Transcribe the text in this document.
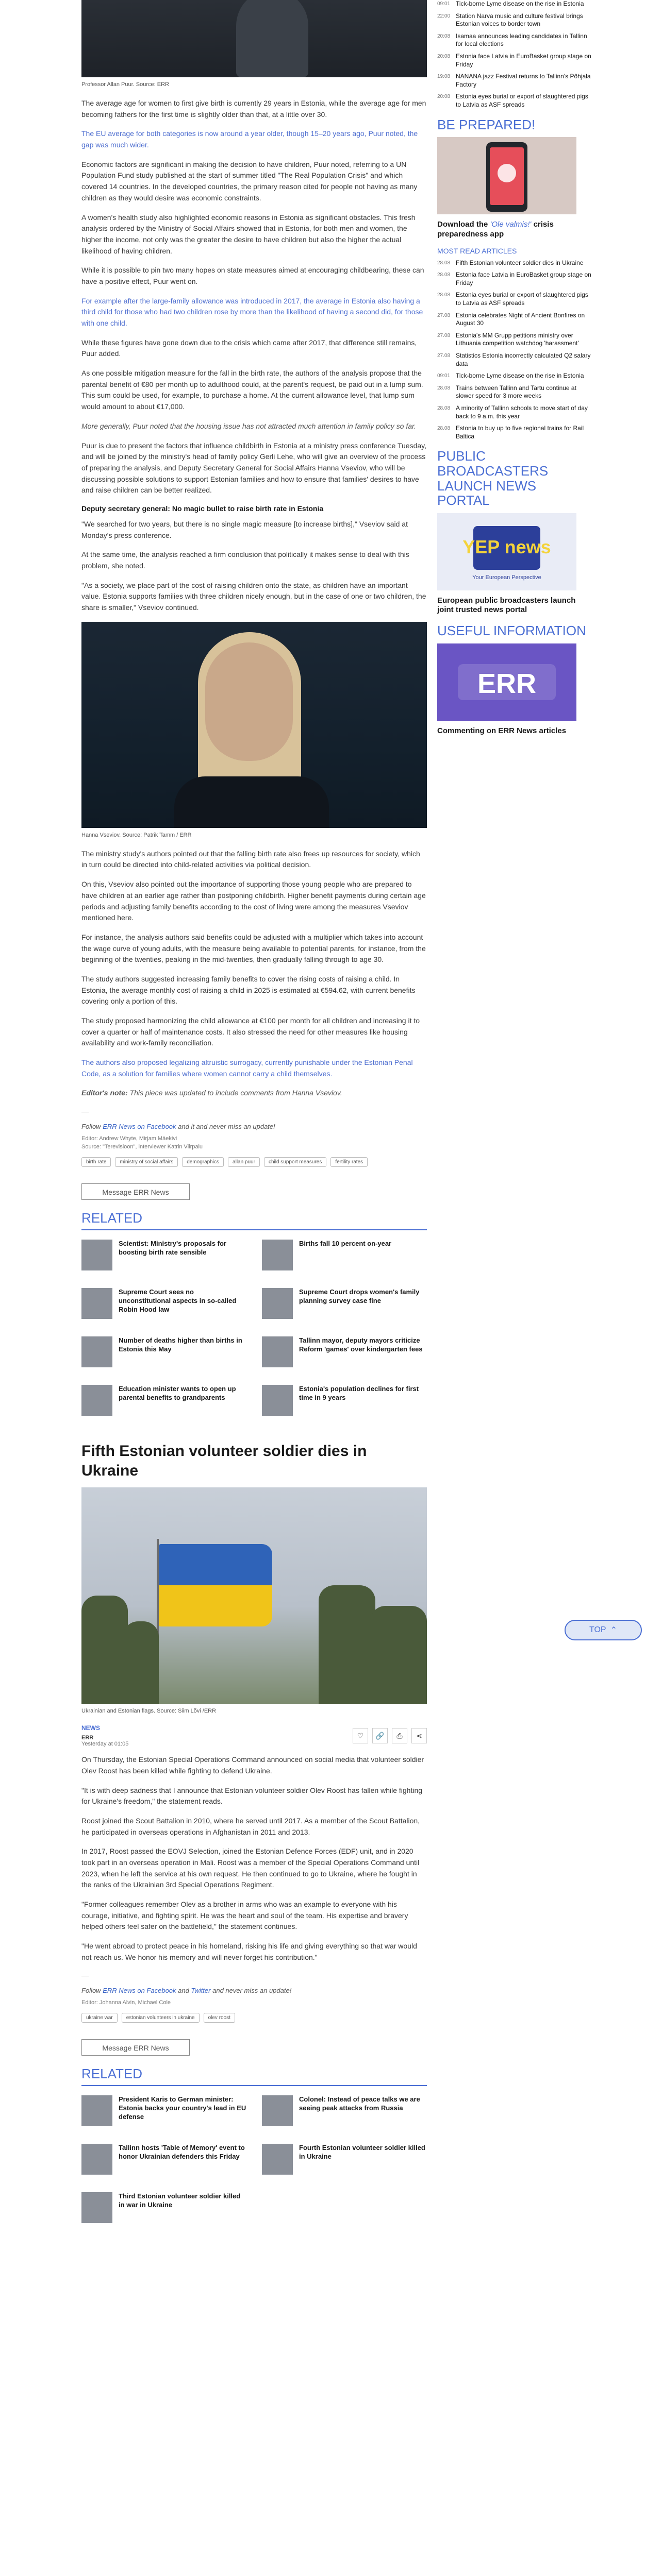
Professor Allan Puur. Source: ERR
The average age for women to first give birth is currently 29 years in Estonia, while the average age for men becoming fathers for the first time is slightly older than that, at a little over 30.
The EU average for both categories is now around a year older, though 15–20 years ago, Puur noted, the gap was much wider.
Economic factors are significant in making the decision to have children, Puur noted, referring to a UN Population Fund study published at the start of summer titled "The Real Population Crisis" and which covered 14 countries. In the developed countries, the primary reason cited for people not having as many children as they would desire was economic constraints.
A women's health study also highlighted economic reasons in Estonia as significant obstacles. This fresh analysis ordered by the Ministry of Social Affairs showed that in Estonia, for both men and women, the higher the income, not only was the greater the desire to have children but also the higher the actual likelihood of having children.
While it is possible to pin two many hopes on state measures aimed at encouraging childbearing, these can have a positive effect, Puur went on.
For example after the large-family allowance was introduced in 2017, the average in Estonia also having a third child for those who had two children rose by more than the likelihood of having a second did, for those with one child.
While these figures have gone down due to the crisis which came after 2017, that difference still remains, Puur added.
As one possible mitigation measure for the fall in the birth rate, the authors of the analysis propose that the parental benefit of €80 per month up to adulthood could, at the parent's request, be paid out in a lump sum. This sum could be used, for example, to purchase a home. At the current allowance level, that lump sum would amount to about €17,000.
More generally, Puur noted that the housing issue has not attracted much attention in family policy so far.
Puur is due to present the factors that influence childbirth in Estonia at a ministry press conference Tuesday, and will be joined by the ministry's head of family policy Gerli Lehe, who will give an overview of the process of preparing the analysis, and Deputy Secretary General for Social Affairs Hanna Vseviov, who will be discussing possible solutions to support Estonian families and how to ensure that families' desires to have and raise children can be better realized.
Deputy secretary general: No magic bullet to raise birth rate in Estonia
"We searched for two years, but there is no single magic measure [to increase births]," Vseviov said at Monday's press conference.
At the same time, the analysis reached a firm conclusion that politically it makes sense to deal with this problem, she noted.
"As a society, we place part of the cost of raising children onto the state, as children have an important value. Estonia supports families with three children nicely enough, but in the case of one or two children, the share is smaller," Vseviov continued.
Hanna Vseviov. Source: Patrik Tamm / ERR
The ministry study's authors pointed out that the falling birth rate also frees up resources for society, which in turn could be directed into child-related activities via political decision.
On this, Vseviov also pointed out the importance of supporting those young people who are prepared to have children at an earlier age rather than postponing childbirth. Higher benefit payments during certain age periods and adjusting family benefits according to the cost of living were among the measures Vseviov mentioned here.
For instance, the analysis authors said benefits could be adjusted with a multiplier which takes into account the wage curve of young adults, with the measure being available to potential parents, for instance, from the beginning of the twenties, peaking in the mid-twenties, then gradually falling through to age 30.
The study authors suggested increasing family benefits to cover the rising costs of raising a child. In Estonia, the average monthly cost of raising a child in 2025 is estimated at €594.62, with current benefits covering only a portion of this.
The study proposed harmonizing the child allowance at €100 per month for all children and increasing it to cover a quarter or half of maintenance costs. It also stressed the need for other measures like housing availability and work-family reconciliation.
The authors also proposed legalizing altruistic surrogacy, currently punishable under the Estonian Penal Code, as a solution for families where women cannot carry a child themselves.
Editor's note: This piece was updated to include comments from Hanna Vseviov.
—
Follow ERR News on Facebook and it and never miss an update!
Editor: Andrew Whyte, Mirjam Mäekivi
Source: "Terevisioon", interviewer Katrin Viirpalu
birth rate	ministry of social affairs	demographics	allan puur	child support measures	fertility rates
Message ERR News
RELATED
Scientist: Ministry's proposals for boosting birth rate sensible
Births fall 10 percent on-year
Supreme Court sees no unconstitutional aspects in so-called Robin Hood law
Supreme Court drops women's family planning survey case fine
Number of deaths higher than births in Estonia this May
Tallinn mayor, deputy mayors criticize Reform 'games' over kindergarten fees
Education minister wants to open up parental benefits to grandparents
Estonia's population declines for first time in 9 years
Fifth Estonian volunteer soldier dies in Ukraine
Ukrainian and Estonian flags. Source: Siim Lõvi /ERR
NEWS
ERR
Yesterday at 01:05
♡	🔗	⎙	⋖
On Thursday, the Estonian Special Operations Command announced on social media that volunteer soldier Olev Roost has been killed while fighting to defend Ukraine.
"It is with deep sadness that I announce that Estonian volunteer soldier Olev Roost has fallen while fighting for Ukraine's freedom," the statement reads.
Roost joined the Scout Battalion in 2010, where he served until 2017. As a member of the Scout Battalion, he participated in overseas operations in Afghanistan in 2011 and 2013.
In 2017, Roost passed the EOVJ Selection, joined the Estonian Defence Forces (EDF) unit, and in 2020 took part in an overseas operation in Mali. Roost was a member of the Special Operations Command until 2023, when he left the service at his own request. He then continued to go to Ukraine, where he fought in the ranks of the Ukrainian 3rd Special Operations Regiment.
"Former colleagues remember Olev as a brother in arms who was an example to everyone with his courage, initiative, and fighting spirit. He was the heart and soul of the team. His expertise and bravery helped others feel safer on the battlefield," the statement continues.
"He went abroad to protect peace in his homeland, risking his life and giving everything so that war would not reach us. We honor his memory and will never forget his contribution."
—
Follow ERR News on Facebook and Twitter and never miss an update!
Editor: Johanna Alvin, Michael Cole
ukraine war	estonian volunteers in ukraine	olev roost
Message ERR News
RELATED
President Karis to German minister: Estonia backs your country's lead in EU defense
Colonel: Instead of peace talks we are seeing peak attacks from Russia
Tallinn hosts 'Table of Memory' event to honor Ukrainian defenders this Friday
Fourth Estonian volunteer soldier killed in Ukraine
Third Estonian volunteer soldier killed in war in Ukraine
09:01 Tick-borne Lyme disease on the rise in Estonia
22:00 Station Narva music and culture festival brings Estonian voices to border town
20:08 Isamaa announces leading candidates in Tallinn for local elections
20:08 Estonia face Latvia in EuroBasket group stage on Friday
19:08 NANANA jazz Festival returns to Tallinn's Põhjala Factory
20:08 Estonia eyes burial or export of slaughtered pigs to Latvia as ASF spreads
BE PREPARED!
Download the 'Ole valmis!' crisis preparedness app
MOST READ ARTICLES
28.08 Fifth Estonian volunteer soldier dies in Ukraine
28.08 Estonia face Latvia in EuroBasket group stage on Friday
28.08 Estonia eyes burial or export of slaughtered pigs to Latvia as ASF spreads
27.08 Estonia celebrates Night of Ancient Bonfires on August 30
27.08 Estonia's MM Grupp petitions ministry over Lithuania competition watchdog 'harassment'
27.08 Statistics Estonia incorrectly calculated Q2 salary data
09:01 Tick-borne Lyme disease on the rise in Estonia
28.08 Trains between Tallinn and Tartu continue at slower speed for 3 more weeks
28.08 A minority of Tallinn schools to move start of day back to 9 a.m. this year
28.08 Estonia to buy up to five regional trains for Rail Baltica
PUBLIC BROADCASTERS LAUNCH NEWS PORTAL
YEP news
Your European Perspective
European public broadcasters launch joint trusted news portal
USEFUL INFORMATION
ERR
Commenting on ERR News articles
TOP ⌃
